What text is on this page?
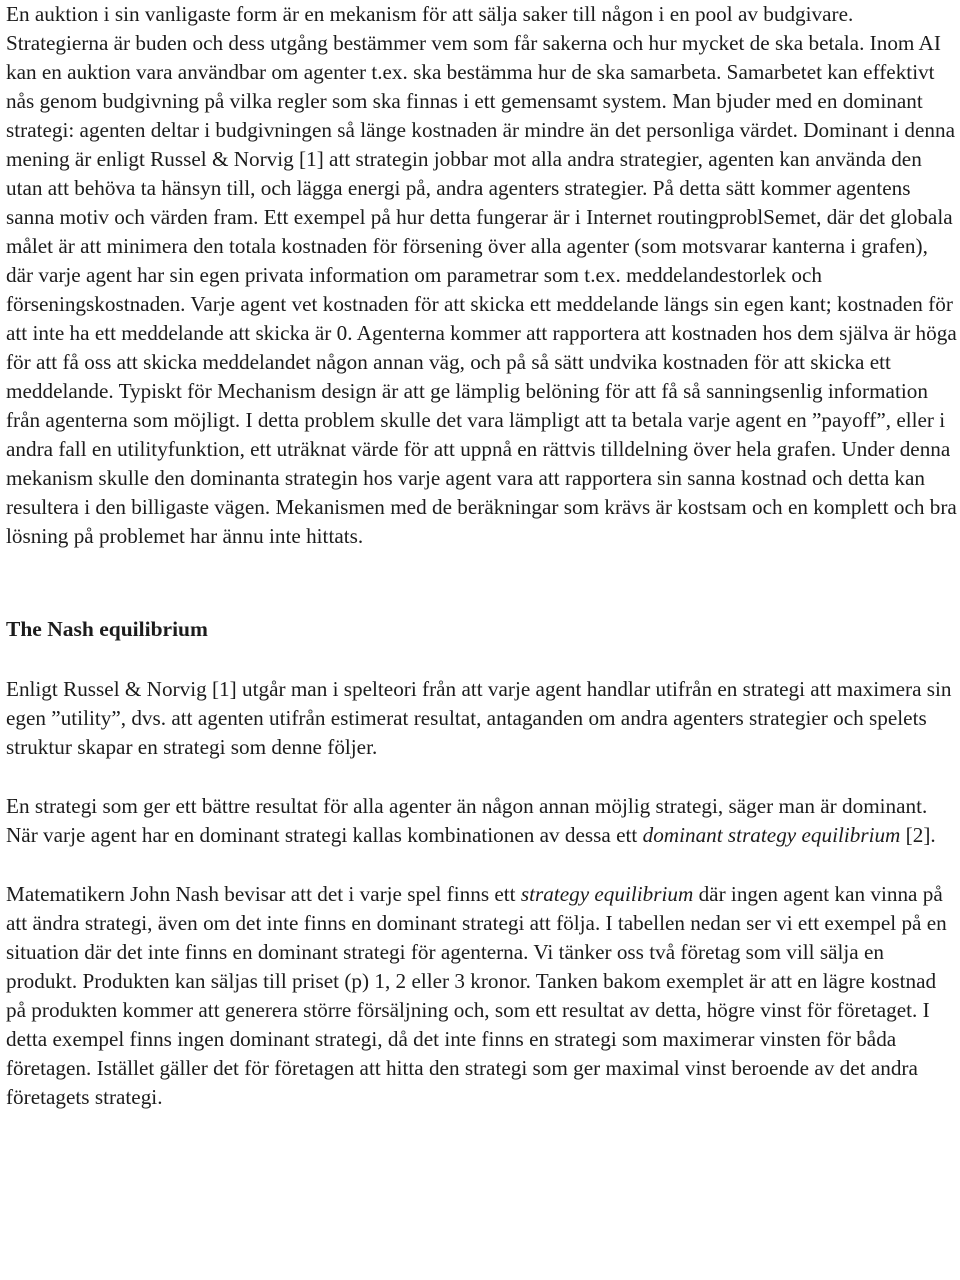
En auktion i sin vanligaste form är en mekanism för att sälja saker till någon i en pool av budgivare. Strategierna är buden och dess utgång bestämmer vem som får sakerna och hur mycket de ska betala. Inom AI kan en auktion vara användbar om agenter t.ex. ska bestämma hur de ska samarbeta. Samarbetet kan effektivt nås genom budgivning på vilka regler som ska finnas i ett gemensamt system. Man bjuder med en dominant strategi: agenten deltar i budgivningen så länge kostnaden är mindre än det personliga värdet. Dominant i denna mening är enligt Russel & Norvig [1] att strategin jobbar mot alla andra strategier, agenten kan använda den utan att behöva ta hänsyn till, och lägga energi på, andra agenters strategier. På detta sätt kommer agentens sanna motiv och värden fram. Ett exempel på hur detta fungerar är i Internet routingproblSemet, där det globala målet är att minimera den totala kostnaden för försening över alla agenter (som motsvarar kanterna i grafen), där varje agent har sin egen privata information om parametrar som t.ex. meddelandestorlek och förseningskostnaden. Varje agent vet kostnaden för att skicka ett meddelande längs sin egen kant; kostnaden för att inte ha ett meddelande att skicka är 0. Agenterna kommer att rapportera att kostnaden hos dem själva är höga för att få oss att skicka meddelandet någon annan väg, och på så sätt undvika kostnaden för att skicka ett meddelande. Typiskt för Mechanism design är att ge lämplig belöning för att få så sanningsenlig information från agenterna som möjligt. I detta problem skulle det vara lämpligt att ta betala varje agent en ”payoff”, eller i andra fall en utilityfunktion, ett uträknat värde för att uppnå en rättvis tilldelning över hela grafen. Under denna mekanism skulle den dominanta strategin hos varje agent vara att rapportera sin sanna kostnad och detta kan resultera i den billigaste vägen. Mekanismen med de beräkningar som krävs är kostsam och en komplett och bra lösning på problemet har ännu inte hittats.

The Nash equilibrium

Enligt Russel & Norvig [1] utgår man i spelteori från att varje agent handlar utifrån en strategi att maximera sin egen ”utility”, dvs. att agenten utifrån estimerat resultat, antaganden om andra agenters strategier och spelets struktur skapar en strategi som denne följer.

En strategi som ger ett bättre resultat för alla agenter än någon annan möjlig strategi, säger man är dominant. När varje agent har en dominant strategi kallas kombinationen av dessa ett dominant strategy equilibrium [2].

Matematikern John Nash bevisar att det i varje spel finns ett strategy equilibrium där ingen agent kan vinna på att ändra strategi, även om det inte finns en dominant strategi att följa. I tabellen nedan ser vi ett exempel på en situation där det inte finns en dominant strategi för agenterna. Vi tänker oss två företag som vill sälja en produkt. Produkten kan säljas till priset (p) 1, 2 eller 3 kronor. Tanken bakom exemplet är att en lägre kostnad på produkten kommer att generera större försäljning och, som ett resultat av detta, högre vinst för företaget. I detta exempel finns ingen dominant strategi, då det inte finns en strategi som maximerar vinsten för båda företagen. Istället gäller det för företagen att hitta den strategi som ger maximal vinst beroende av det andra företagets strategi.
